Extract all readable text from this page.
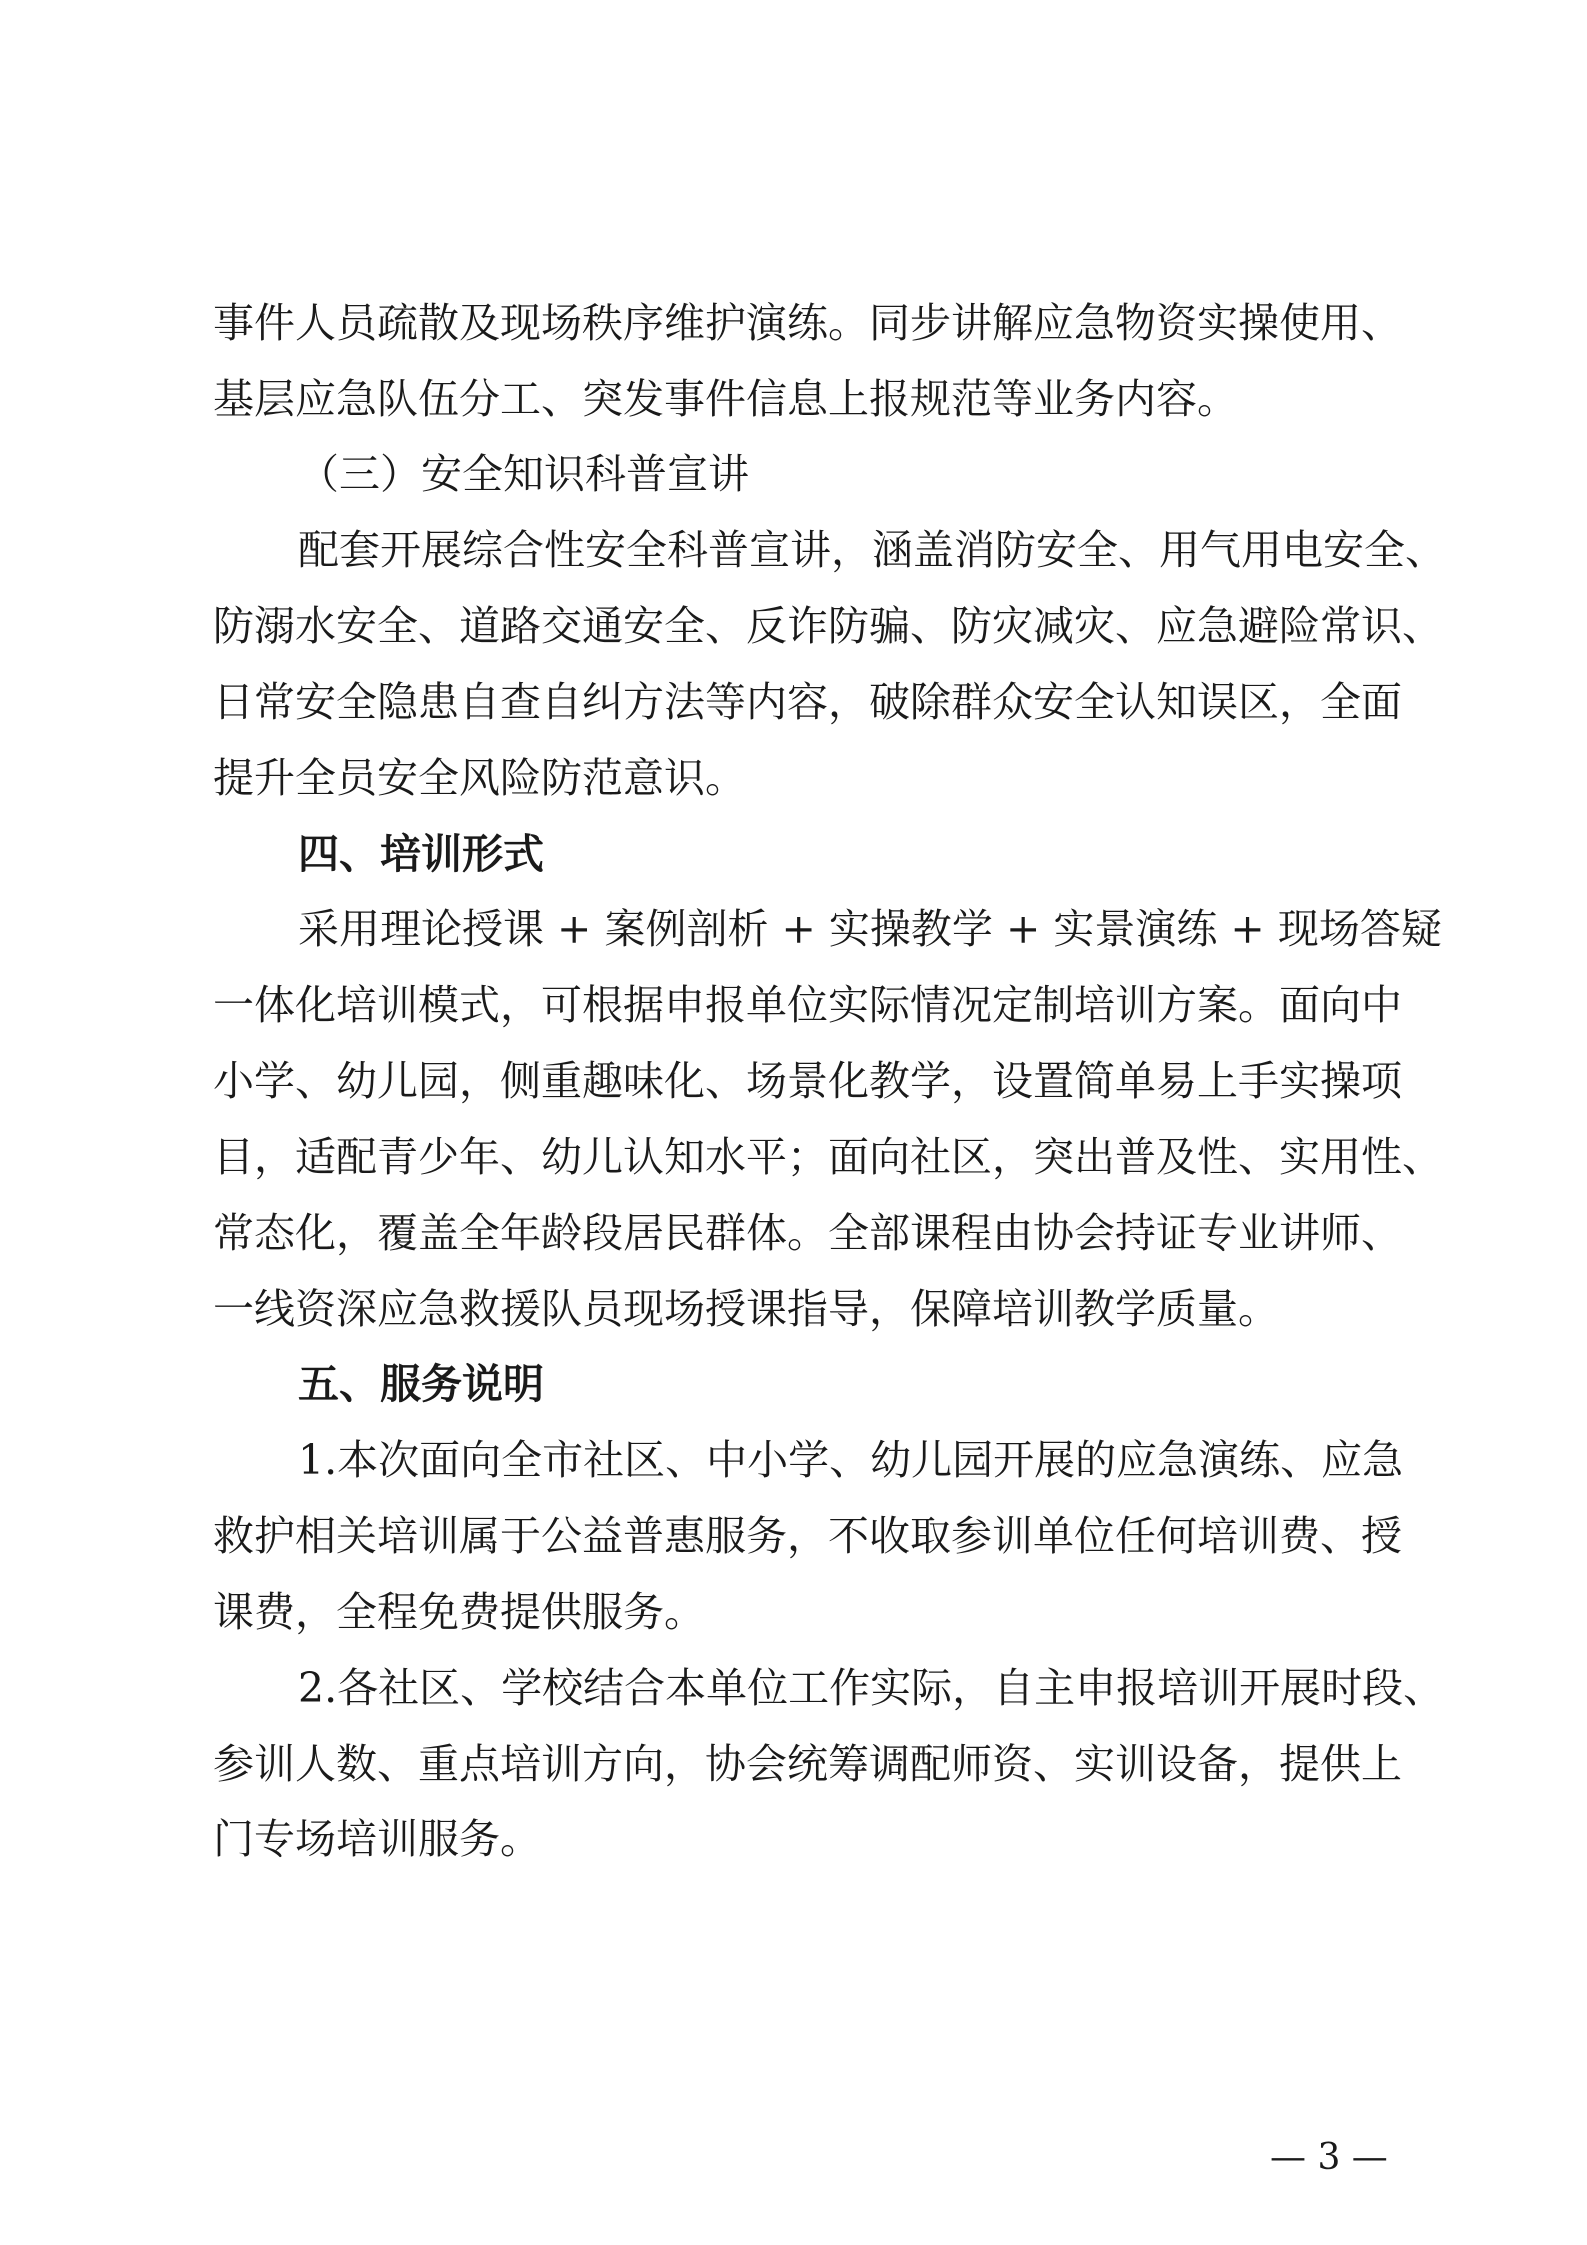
事 件 人 员 疏 散 及 现 场 秩 序 维 护 演 练 。 同 步 讲 解 应 急 物 资 实 操 使 用 、
基层应急队伍分工、突发事件信息上报规范等业务内容。
（三）安全知识科普宣讲
配 套 开 展 综 合 性 安 全 科 普 宣 讲 ， 涵 盖 消 防 安 全 、 用 气 用 电 安 全 、
防 溺 水 安 全 、 道 路 交 通 安 全 、 反 诈 防 骗 、 防 灾 减 灾 、 应 急 避 险 常 识 、
日 常 安 全 隐 患 自 查 自 纠 方 法 等 内 容 ， 破 除 群 众 安 全 认 知 误 区 ， 全 面
提升全员安全风险防范意识。
四、培训形式
采 用 理 论 授 课
+
案 例 剖 析
+
实 操 教 学
+
实 景 演 练
+
现 场 答 疑
一 体 化 培 训 模 式 ， 可 根 据 申 报 单 位 实 际 情 况 定 制 培 训 方 案 。 面 向 中
小 学 、 幼 儿 园 ， 侧 重 趣 味 化 、 场 景 化 教 学 ， 设 置 简 单 易 上 手 实 操 项
目 ， 适 配 青 少 年 、 幼 儿 认 知 水 平 ； 面 向 社 区 ， 突 出 普 及 性 、 实 用 性 、
常 态 化 ， 覆 盖 全 年 龄 段 居 民 群 体 。 全 部 课 程 由 协 会 持 证 专 业 讲 师 、
一线资深应急救援队员现场授课指导，保障培训教学质量。
五、服务说明
1 . 本 次 面 向 全 市 社 区 、 中 小 学 、 幼 儿 园 开 展 的 应 急 演 练 、 应 急
救 护 相 关 培 训 属 于 公 益 普 惠 服 务 ， 不 收 取 参 训 单 位 任 何 培 训 费 、 授
课费，全程免费提供服务。
2 . 各 社 区 、 学 校 结 合 本 单 位 工 作 实 际 ， 自 主 申 报 培 训 开 展 时 段 、
参 训 人 数 、 重 点 培 训 方 向 ， 协 会 统 筹 调 配 师 资 、 实 训 设 备 ， 提 供 上
门专场培训服务。
— 3 —
